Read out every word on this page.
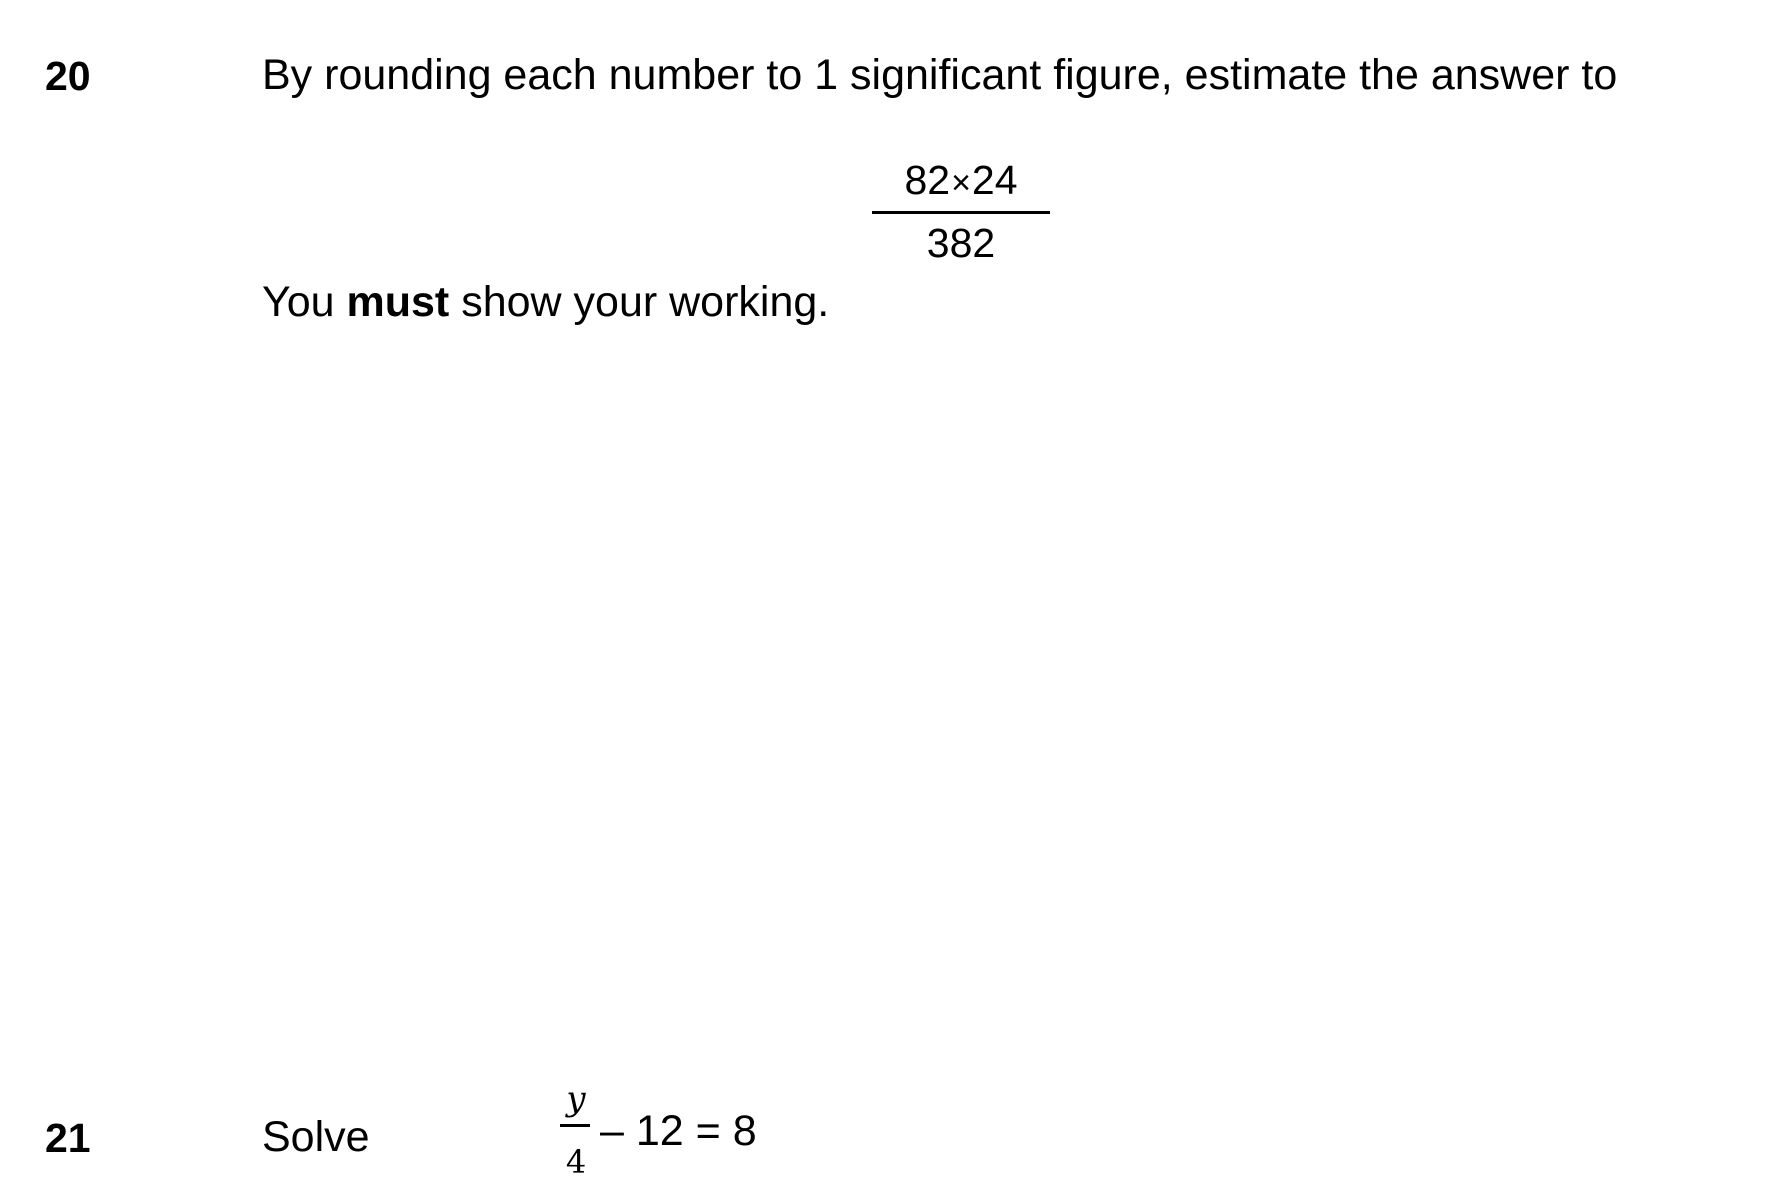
20	By rounding each number to 1 significant figure, estimate the answer to
82×24
382
You must show your working.
21	Solve
y
4
– 12 = 8
